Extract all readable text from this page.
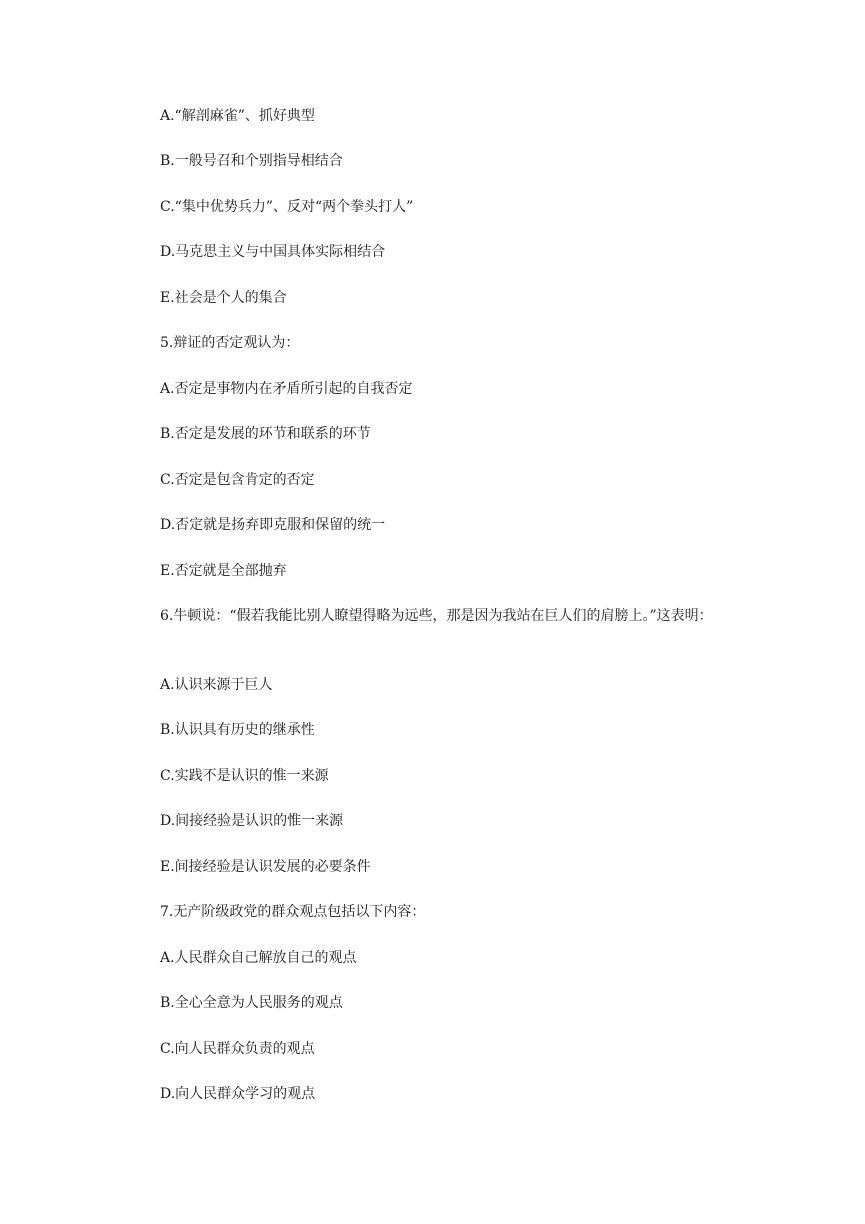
A.“解剖麻雀”、抓好典型
B.一般号召和个别指导相结合
C.“集中优势兵力”、反对“两个拳头打人”
D.马克思主义与中国具体实际相结合
E.社会是个人的集合
5.辩证的否定观认为：
A.否定是事物内在矛盾所引起的自我否定
B.否定是发展的环节和联系的环节
C.否定是包含肯定的否定
D.否定就是扬弃即克服和保留的统一
E.否定就是全部抛弃
6.牛顿说：“假若我能比别人瞭望得略为远些，那是因为我站在巨人们的肩膀上。”这表明：
A.认识来源于巨人
B.认识具有历史的继承性
C.实践不是认识的惟一来源
D.间接经验是认识的惟一来源
E.间接经验是认识发展的必要条件
7.无产阶级政党的群众观点包括以下内容：
A.人民群众自己解放自己的观点
B.全心全意为人民服务的观点
C.向人民群众负责的观点
D.向人民群众学习的观点
